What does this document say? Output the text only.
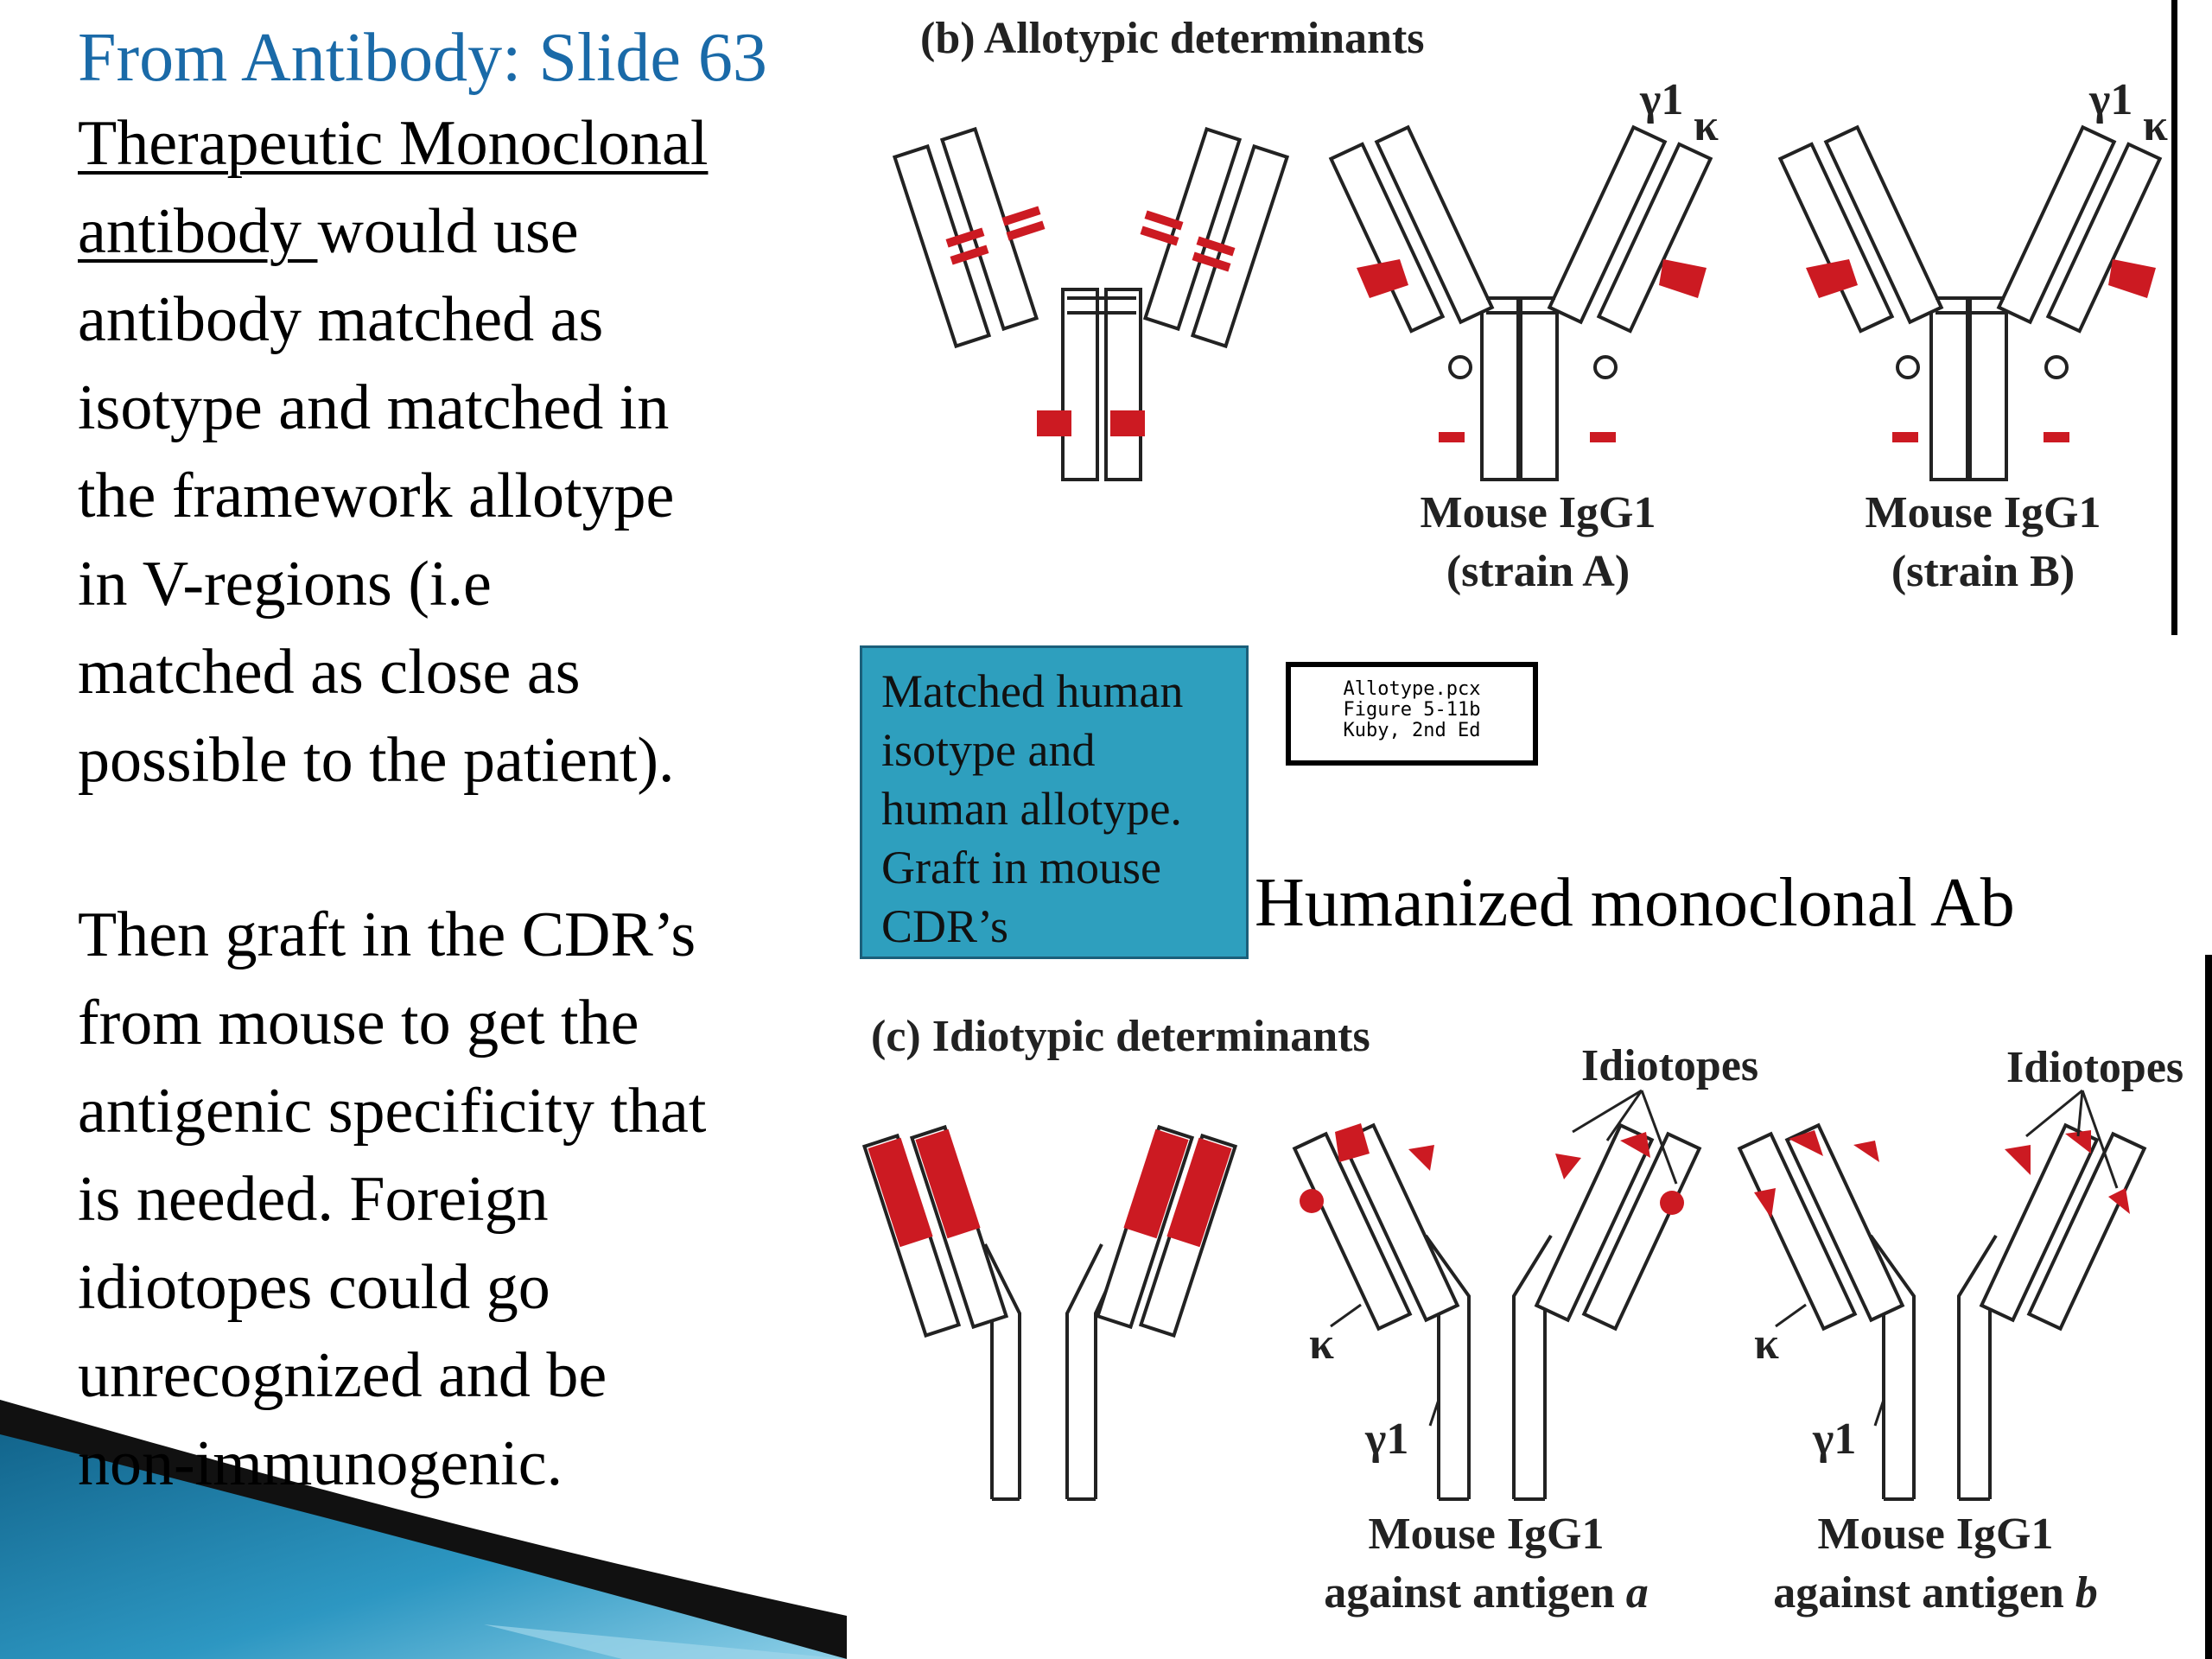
From Antibody: Slide 63

Therapeutic Monoclonal

antibody would use

antibody matched as

isotype and matched in

the framework allotype

in V-regions (i.e

matched as close as

possible to the patient).

Then graft in the CDR’s

from mouse to get the

antigenic specificity that

is needed. Foreign

idiotopes could go

unrecognized and be

non-immunogenic.

(b) Allotypic determinants
γ1
κ
γ1
κ
Mouse IgG1
(strain A)
Mouse IgG1
(strain B)
Matched human
isotype and
human allotype.
Graft in mouse
CDR’s
Allotype.pcx
Figure 5-11b
Kuby, 2nd Ed
Humanized monoclonal Ab
(c) Idiotypic determinants
Idiotopes	Idiotopes
κ
γ1
κ
γ1
Mouse IgG1
against antigen a
Mouse IgG1
against antigen b
